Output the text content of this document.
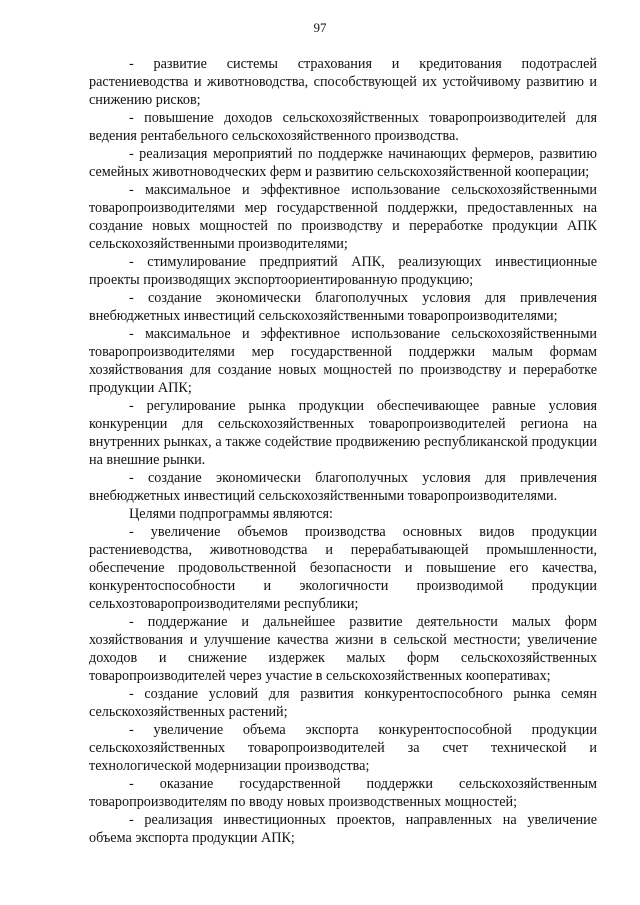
97

- развитие системы страхования и кредитования подотраслей растениеводства и животноводства, способствующей их устойчивому развитию и снижению рисков;

- повышение доходов сельскохозяйственных товаропроизводителей для ведения рентабельного сельскохозяйственного производства.

- реализация мероприятий по поддержке начинающих фермеров, развитию семейных животноводческих ферм и развитию сельскохозяйственной кооперации;

- максимальное и эффективное использование сельскохозяйственными товаропроизводителями мер государственной поддержки, предоставленных на создание новых мощностей по производству и переработке продукции АПК сельскохозяйственными производителями;

- стимулирование предприятий АПК, реализующих инвестиционные проекты производящих экспортоориентированную продукцию;

- создание экономически благополучных условия для привлечения внебюджетных инвестиций сельскохозяйственными товаропроизводителями;

- максимальное и эффективное использование сельскохозяйственными товаропроизводителями мер государственной поддержки малым формам хозяйствования для создание новых мощностей по производству и переработке продукции АПК;

- регулирование рынка продукции обеспечивающее равные условия конкуренции для сельскохозяйственных товаропроизводителей региона на внутренних рынках, а также содействие продвижению республиканской продукции на внешние рынки.

- создание экономически благополучных условия для привлечения внебюджетных инвестиций сельскохозяйственными товаропроизводителями.

Целями подпрограммы являются:

- увеличение объемов производства основных видов продукции растениеводства, животноводства и перерабатывающей промышленности, обеспечение продовольственной безопасности и повышение его качества, конкурентоспособности и экологичности производимой продукции сельхозтоваропроизводителями республики;

- поддержание и дальнейшее развитие деятельности малых форм хозяйствования и улучшение качества жизни в сельской местности; увеличение доходов и снижение издержек малых форм сельскохозяйственных товаропроизводителей через участие в сельскохозяйственных кооперативах;

- создание условий для развития конкурентоспособного рынка семян сельскохозяйственных растений;

- увеличение объема экспорта конкурентоспособной продукции сельскохозяйственных товаропроизводителей за счет технической и технологической модернизации производства;

- оказание государственной поддержки сельскохозяйственным товаропроизводителям по вводу новых производственных мощностей;

- реализация инвестиционных проектов, направленных на увеличение объема экспорта продукции АПК;
